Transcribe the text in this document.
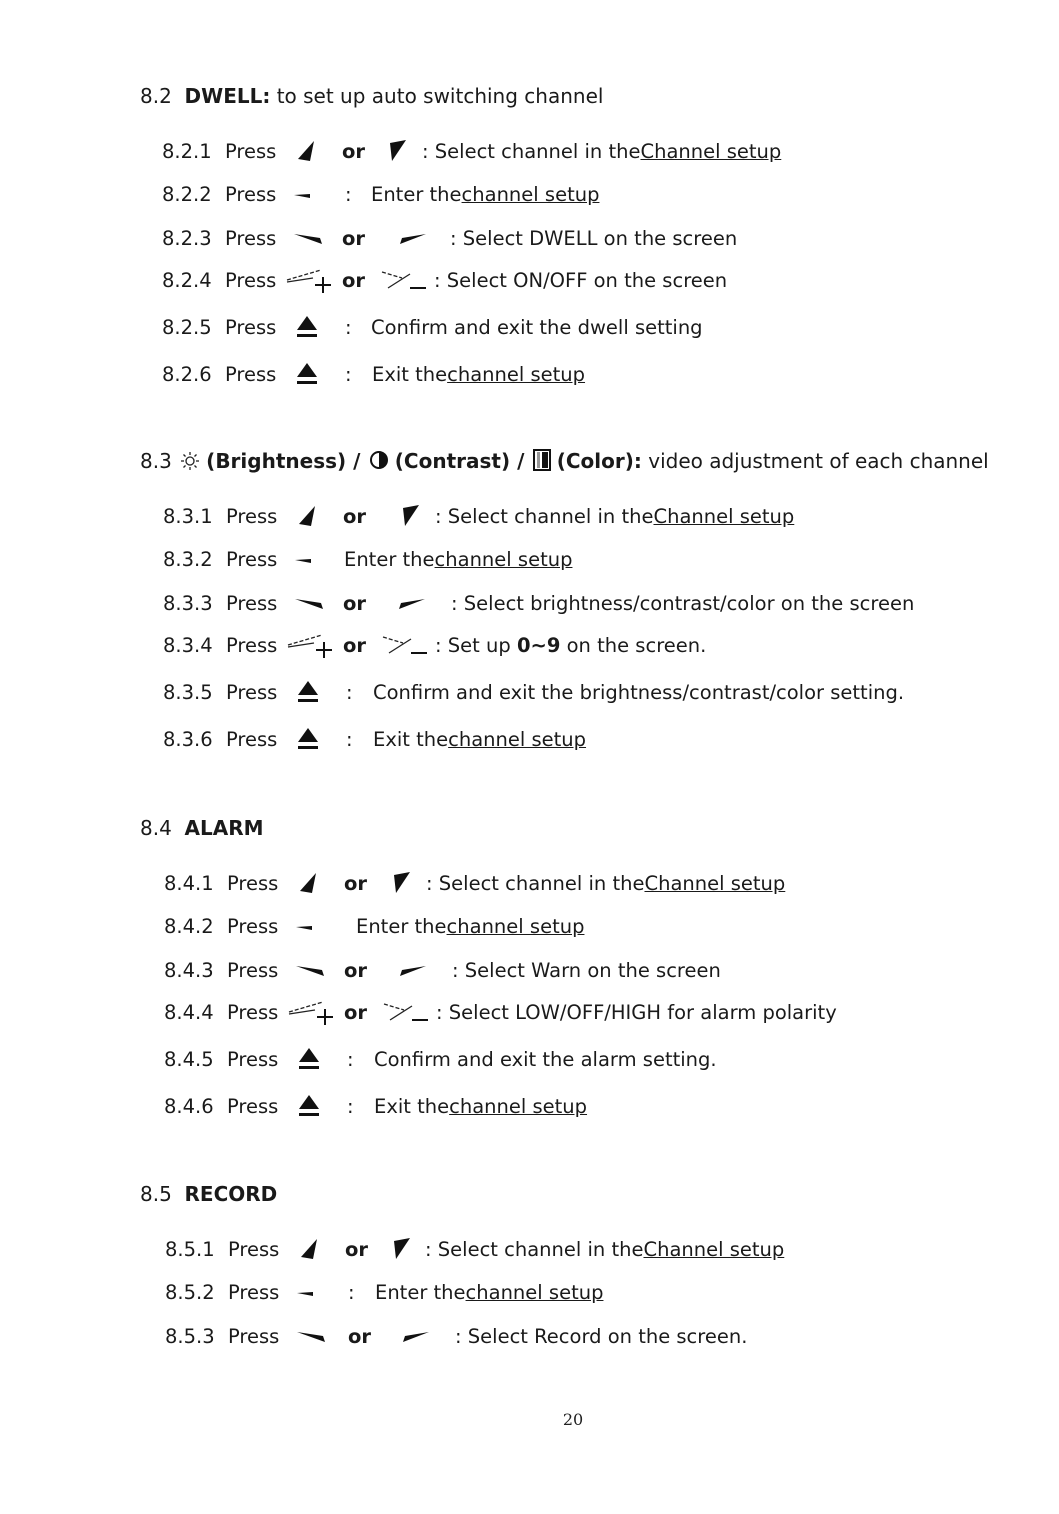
8.2 DWELL: to set up auto switching channel
8.2.1 Press	or	: Select channel in theChannel setup
8.2.2 Press	: Enter thechannel setup
8.2.3 Press	or	: Select DWELL on the screen
8.2.4 Press	or	: Select ON/OFF on the screen
8.2.5 Press	: Confirm and exit the dwell setting
8.2.6 Press	: Exit thechannel setup
8.3 (Brightness) / (Contrast) / (Color): video adjustment of each channel
8.3.1 Press	or	: Select channel in theChannel setup
8.3.2 Press	Enter thechannel setup
8.3.3 Press	or	: Select brightness/contrast/color on the screen
8.3.4 Press	or	: Set up 0~9 on the screen.
8.3.5 Press	: Confirm and exit the brightness/contrast/color setting.
8.3.6 Press	: Exit thechannel setup
8.4 ALARM
8.4.1 Press	or	: Select channel in theChannel setup
8.4.2 Press	Enter thechannel setup
8.4.3 Press	or	: Select Warn on the screen
8.4.4 Press	or	: Select LOW/OFF/HIGH for alarm polarity
8.4.5 Press	: Confirm and exit the alarm setting.
8.4.6 Press	: Exit thechannel setup
8.5 RECORD
8.5.1 Press	or	: Select channel in theChannel setup
8.5.2 Press	: Enter thechannel setup
8.5.3 Press	or	: Select Record on the screen.
20
